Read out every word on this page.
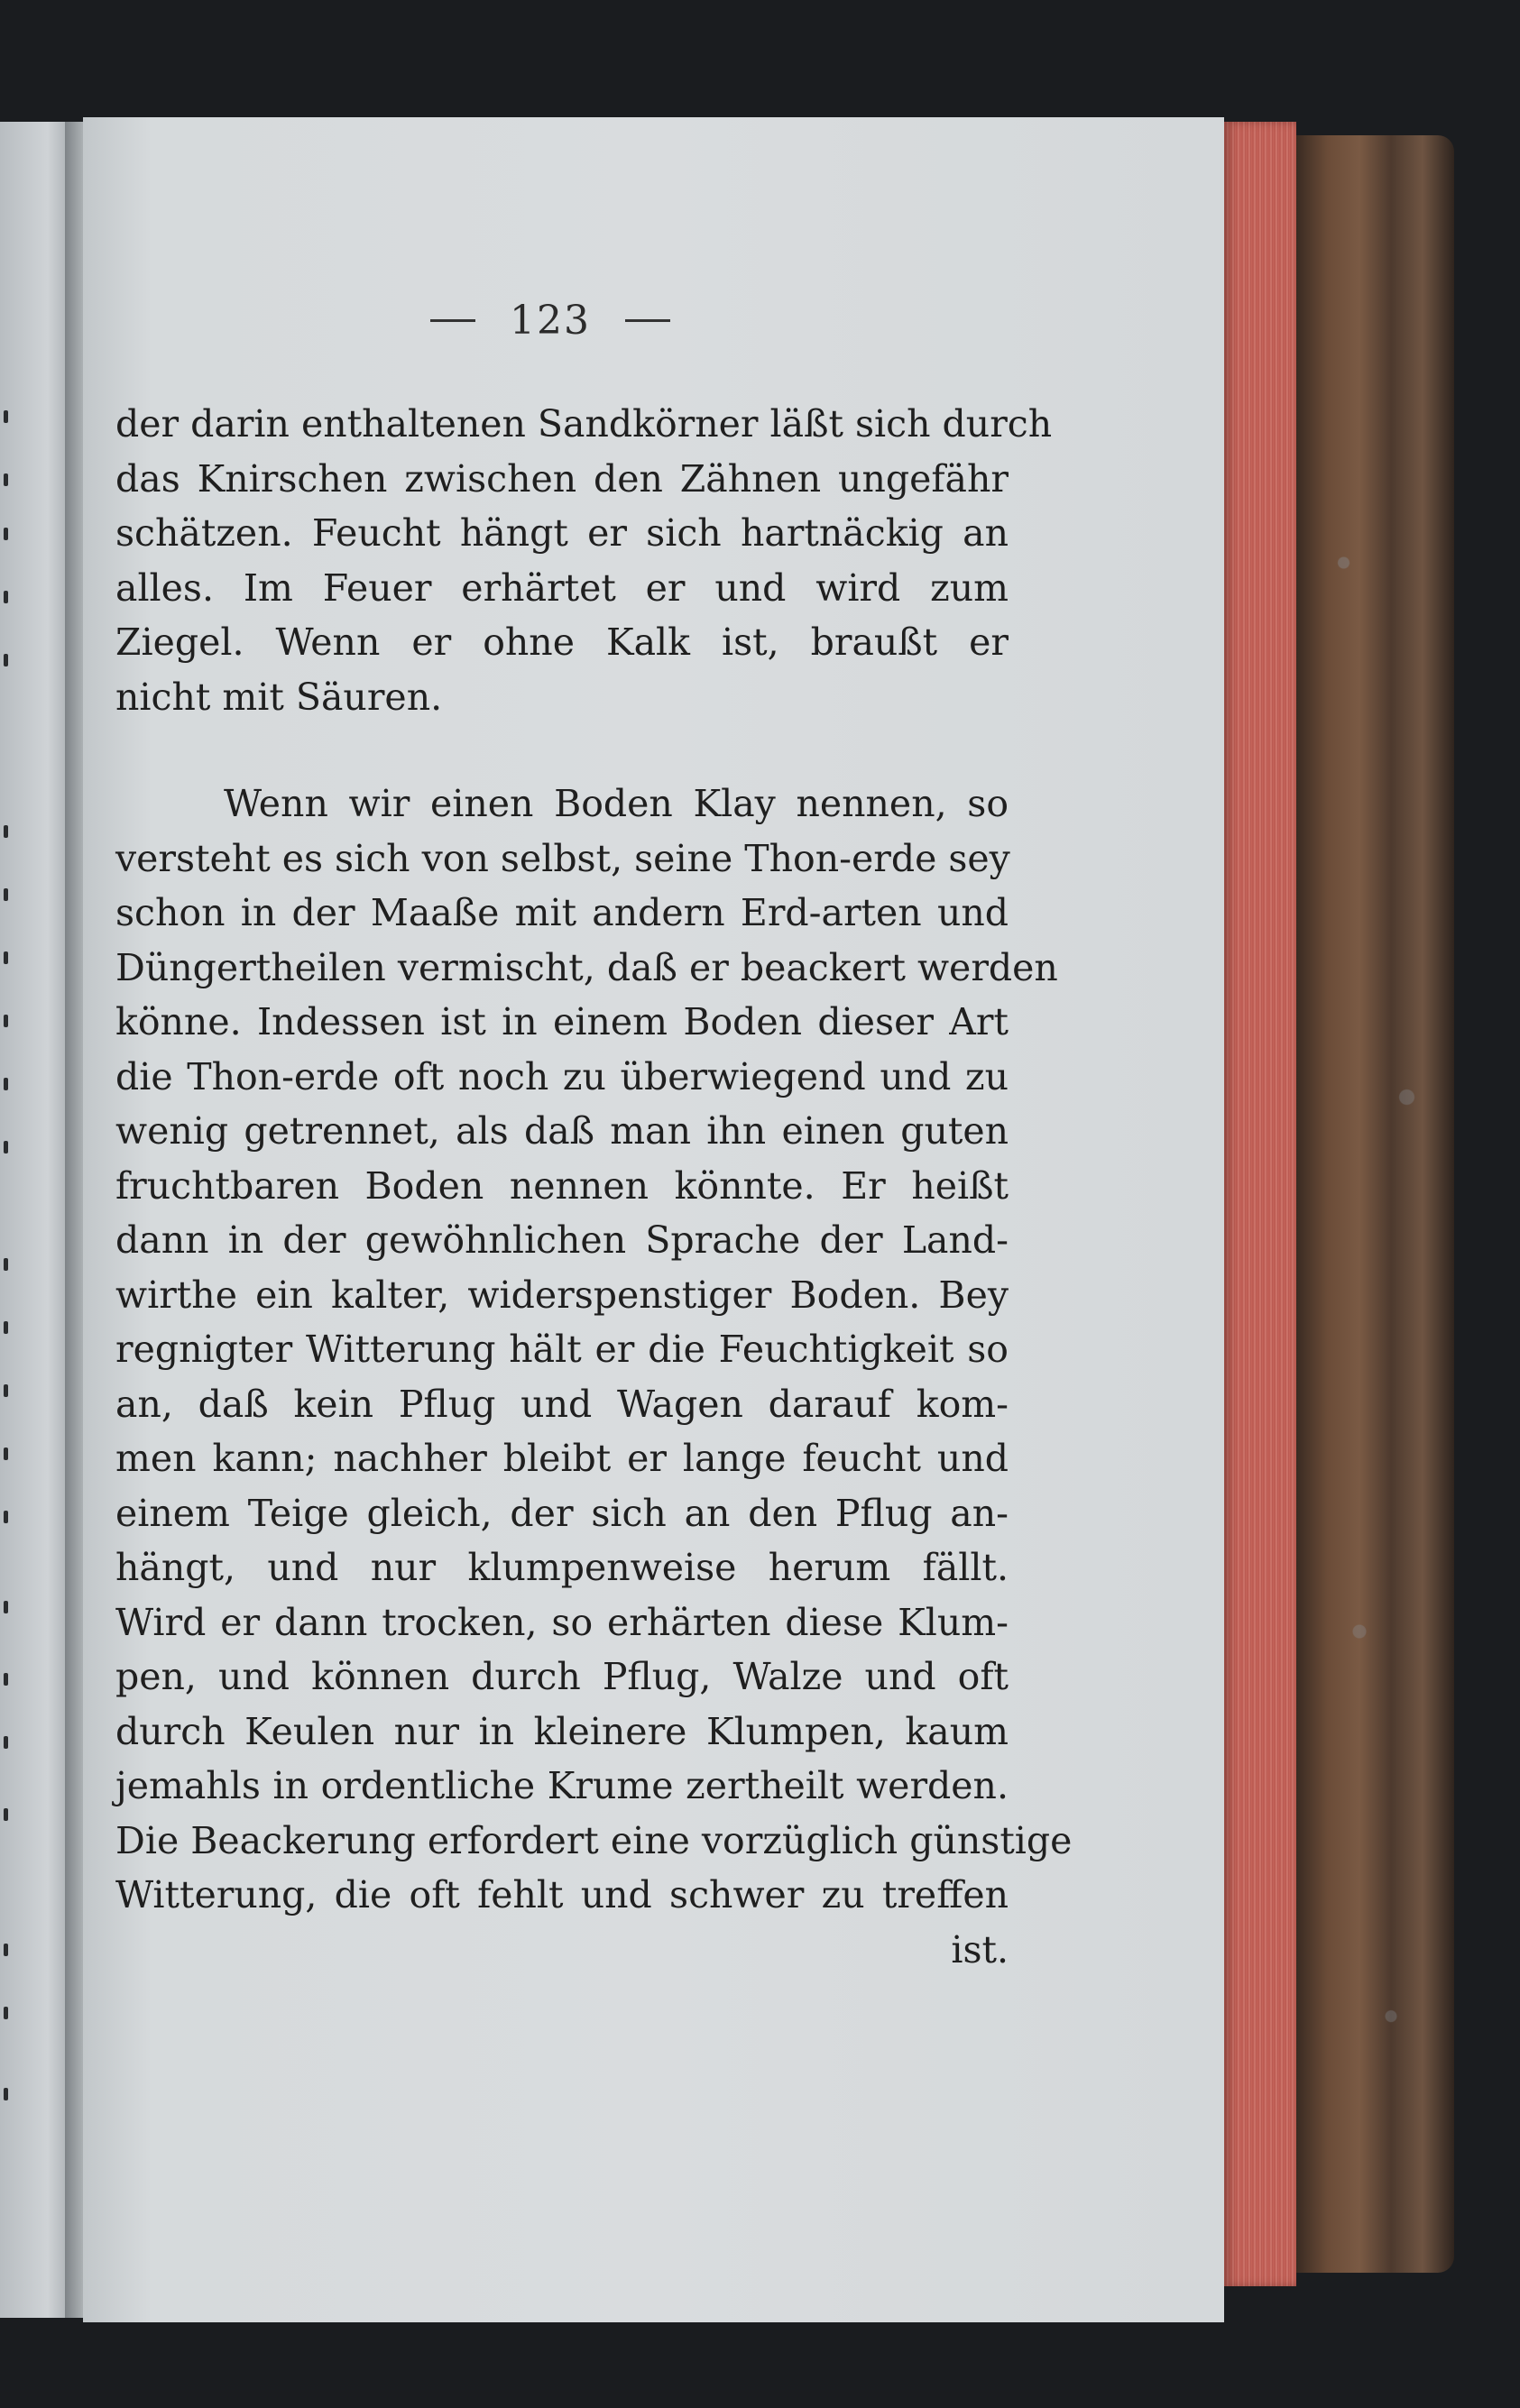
123
der darin enthaltenen Sandkörner läßt sich durch
das Knirschen zwischen den Zähnen ungefähr
schätzen. Feucht hängt er sich hartnäckig an
alles. Im Feuer erhärtet er und wird zum
Ziegel. Wenn er ohne Kalk ist, braußt er
nicht mit Säuren.
Wenn wir einen Boden Klay nennen, so
versteht es sich von selbst, seine Thon-erde sey
schon in der Maaße mit andern Erd-arten und
Düngertheilen vermischt, daß er beackert werden
könne. Indessen ist in einem Boden dieser Art
die Thon-erde oft noch zu überwiegend und zu
wenig getrennet, als daß man ihn einen guten
fruchtbaren Boden nennen könnte. Er heißt
dann in der gewöhnlichen Sprache der Land-
wirthe ein kalter, widerspenstiger Boden. Bey
regnigter Witterung hält er die Feuchtigkeit so
an, daß kein Pflug und Wagen darauf kom-
men kann; nachher bleibt er lange feucht und
einem Teige gleich, der sich an den Pflug an-
hängt, und nur klumpenweise herum fällt.
Wird er dann trocken, so erhärten diese Klum-
pen, und können durch Pflug, Walze und oft
durch Keulen nur in kleinere Klumpen, kaum
jemahls in ordentliche Krume zertheilt werden.
Die Beackerung erfordert eine vorzüglich günstige
Witterung, die oft fehlt und schwer zu treffen
ist.
